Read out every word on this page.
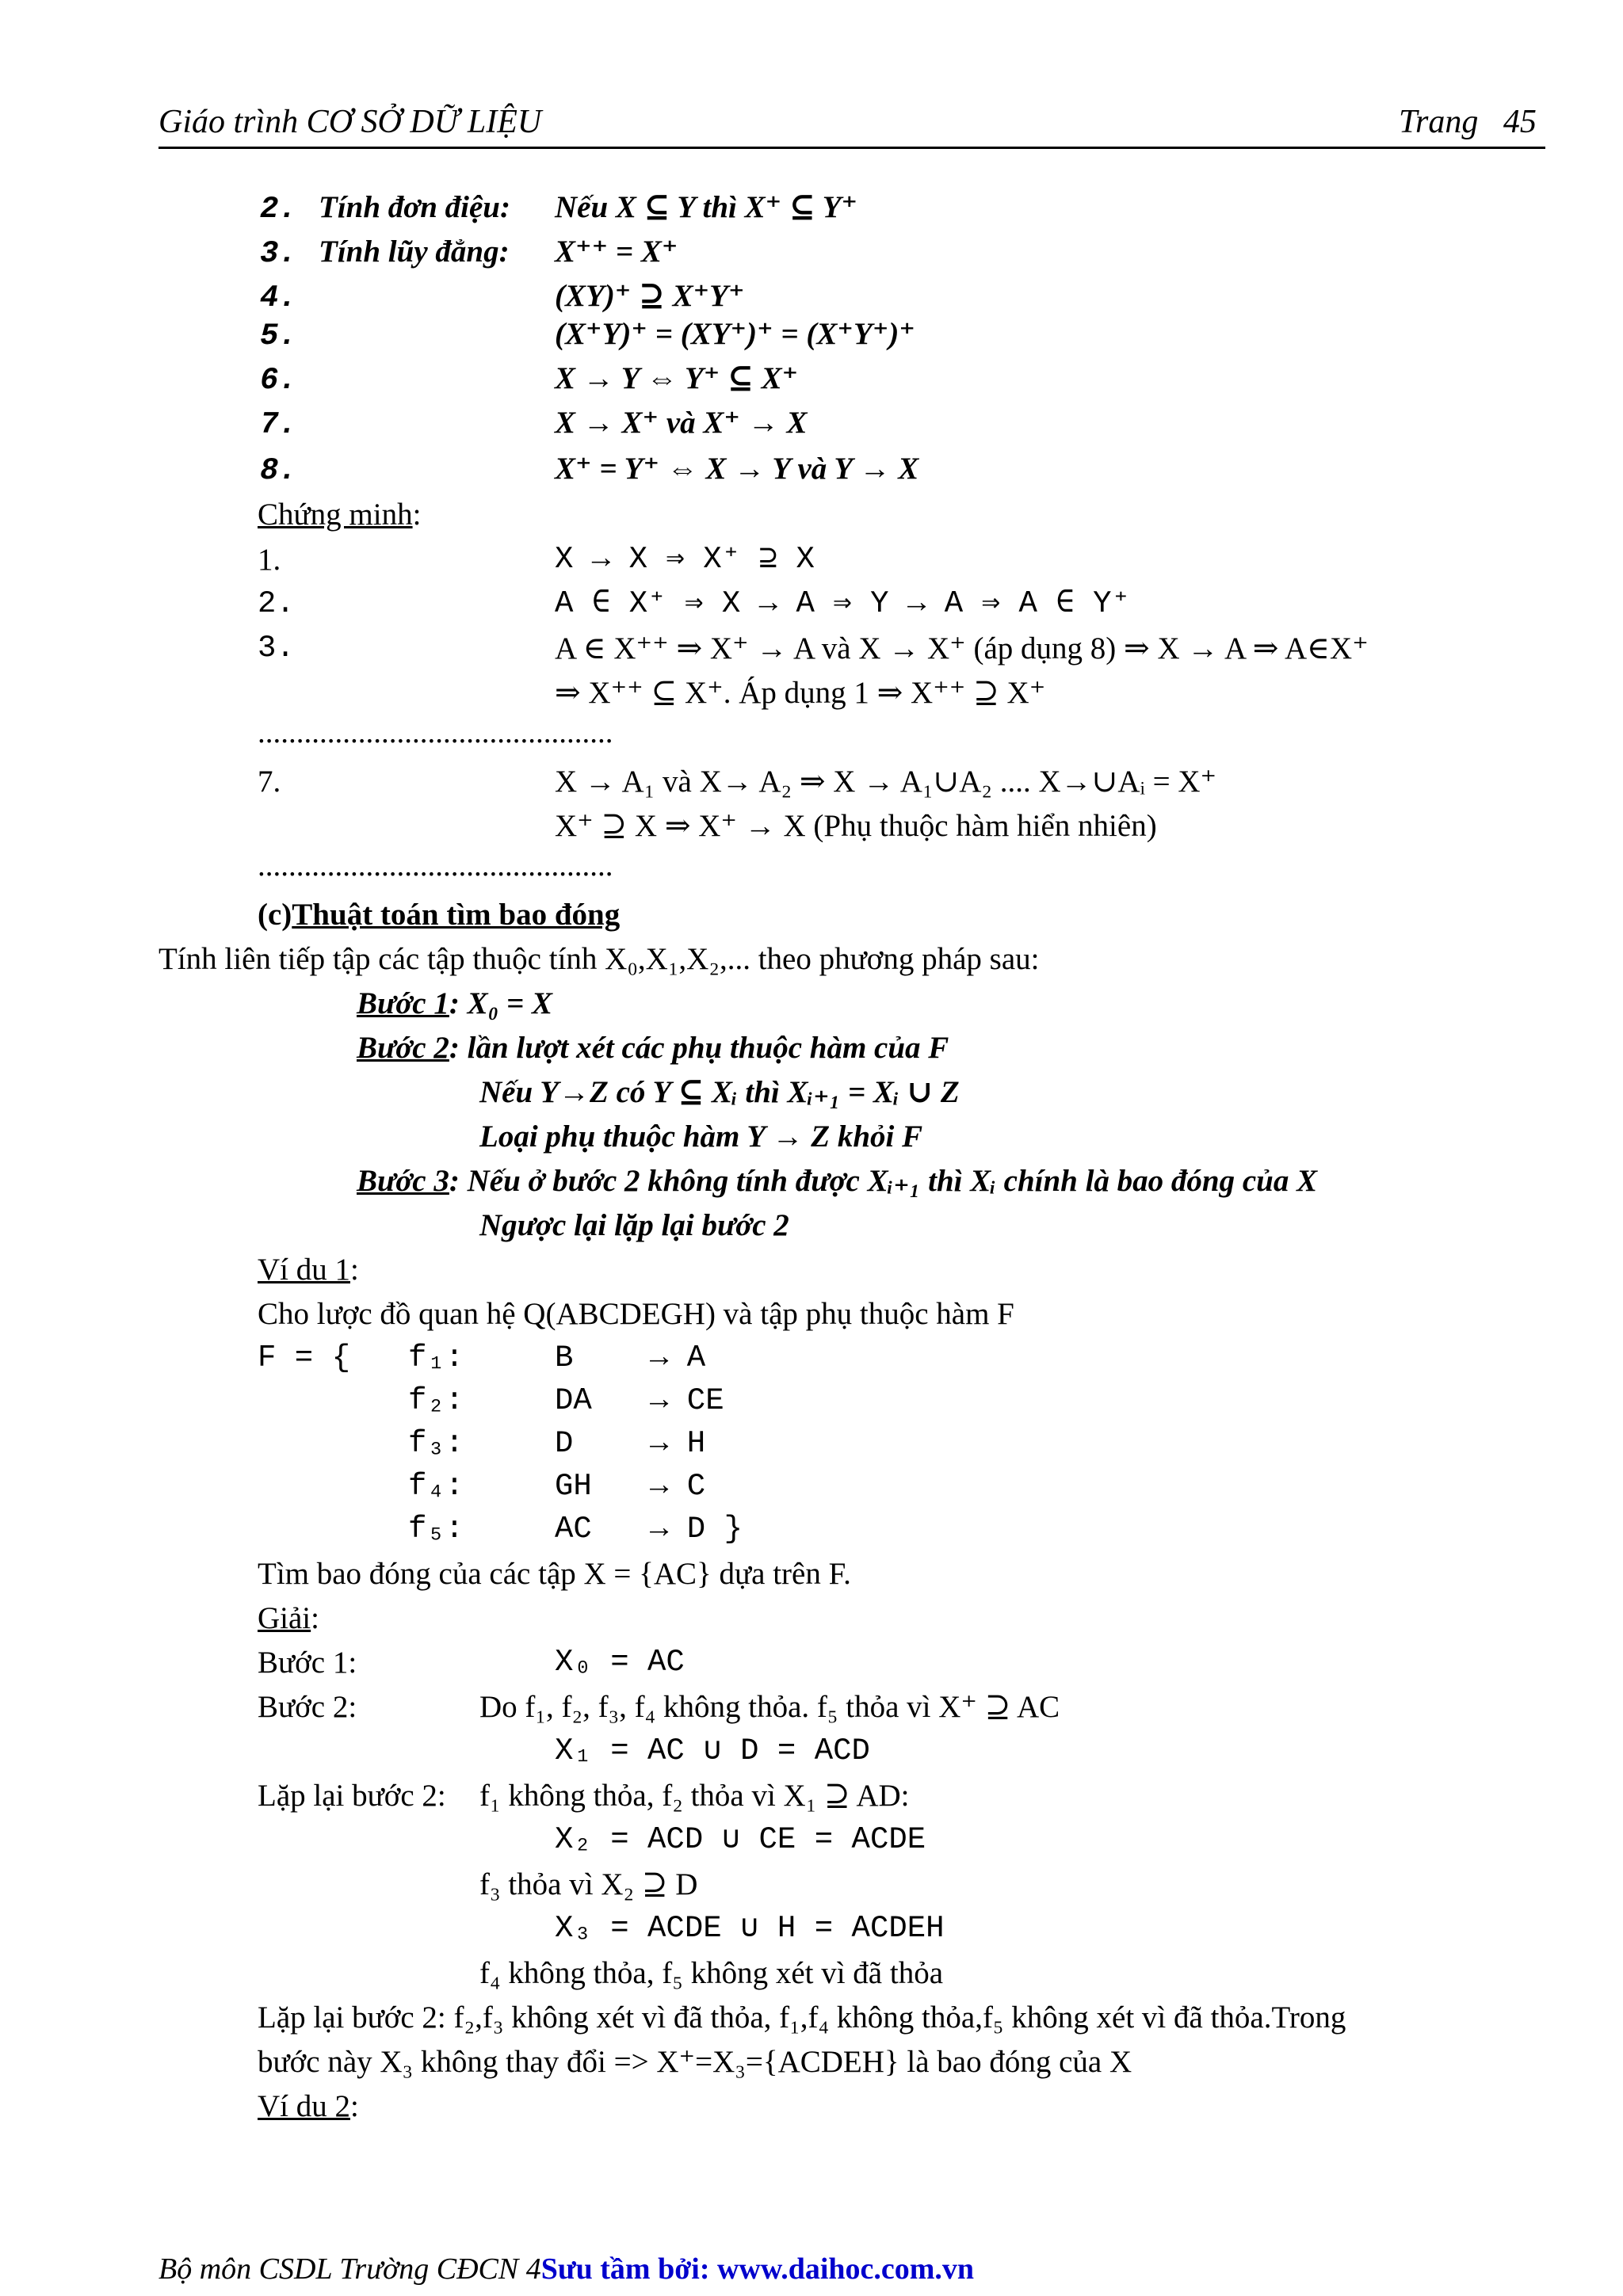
Giáo trình CƠ SỞ DỮ LIỆU	Trang   45
2. Tính đơn điệu: Nếu X ⊆ Y thì X⁺ ⊆ Y⁺
3. Tính lũy đẳng: X⁺⁺ = X⁺
4.	(XY)⁺ ⊇ X⁺Y⁺
5.	(X⁺Y)⁺ = (XY⁺)⁺ = (X⁺Y⁺)⁺
6.	X → Y ⇔ Y⁺ ⊆ X⁺
7.	X → X⁺ và X⁺ → X
8.	X⁺ = Y⁺ ⇔ X → Y và Y → X
Chứng minh:
1.	X → X ⇒ X⁺ ⊇ X
2.	A ∈ X⁺ ⇒ X → A ⇒ Y → A ⇒ A ∈ Y⁺
3.	A ∈ X⁺⁺ ⇒ X⁺ → A và X → X⁺ (áp dụng 8) ⇒ X → A ⇒ A∈X⁺
⇒ X⁺⁺ ⊆ X⁺. Áp dụng 1 ⇒ X⁺⁺ ⊇ X⁺
..............................................
7.	X → A₁ và X→ A₂ ⇒ X → A₁∪A₂ .... X→∪Aᵢ = X⁺
X⁺ ⊇ X ⇒ X⁺ → X (Phụ thuộc hàm hiển nhiên)
..............................................
(c)Thuật toán tìm bao đóng
Tính liên tiếp tập các tập thuộc tính X₀,X₁,X₂,... theo phương pháp sau:
Bước 1: X₀ = X
Bước 2: lần lượt xét các phụ thuộc hàm của F
Nếu Y→Z có Y ⊆ Xᵢ thì Xᵢ₊₁ = Xᵢ ∪ Z
Loại phụ thuộc hàm Y → Z khỏi F
Bước 3: Nếu ở bước 2 không tính được Xᵢ₊₁ thì Xᵢ chính là bao đóng của X
Ngược lại lặp lại bước 2
Ví du 1:
Cho lược đồ quan hệ Q(ABCDEGH) và tập phụ thuộc hàm F
F = { f₁:	B → A
f₂:	DA → CE
f₃:	D → H
f₄:	GH → C
f₅:	AC → D }
Tìm bao đóng của các tập X = {AC} dựa trên F.
Giải:
Bước 1:	X₀ = AC
Bước 2:	Do f₁, f₂, f₃, f₄ không thỏa. f₅ thỏa vì X⁺ ⊇ AC
X₁ = AC ∪ D = ACD
Lặp lại bước 2: f₁ không thỏa, f₂ thỏa vì X₁ ⊇ AD:
X₂ = ACD ∪ CE = ACDE
f₃ thỏa vì X₂ ⊇ D
X₃ = ACDE ∪ H = ACDEH
f₄ không thỏa, f₅ không xét vì đã thỏa
Lặp lại bước 2: f₂,f₃ không xét vì đã thỏa, f₁,f₄ không thỏa,f₅ không xét vì đã thỏa.Trong
bước này X₃ không thay đổi => X⁺=X₃={ACDEH} là bao đóng của X
Ví du 2:
Bộ môn CSDL Trường CĐCN 4Sưu tầm bởi: www.daihoc.com.vn
